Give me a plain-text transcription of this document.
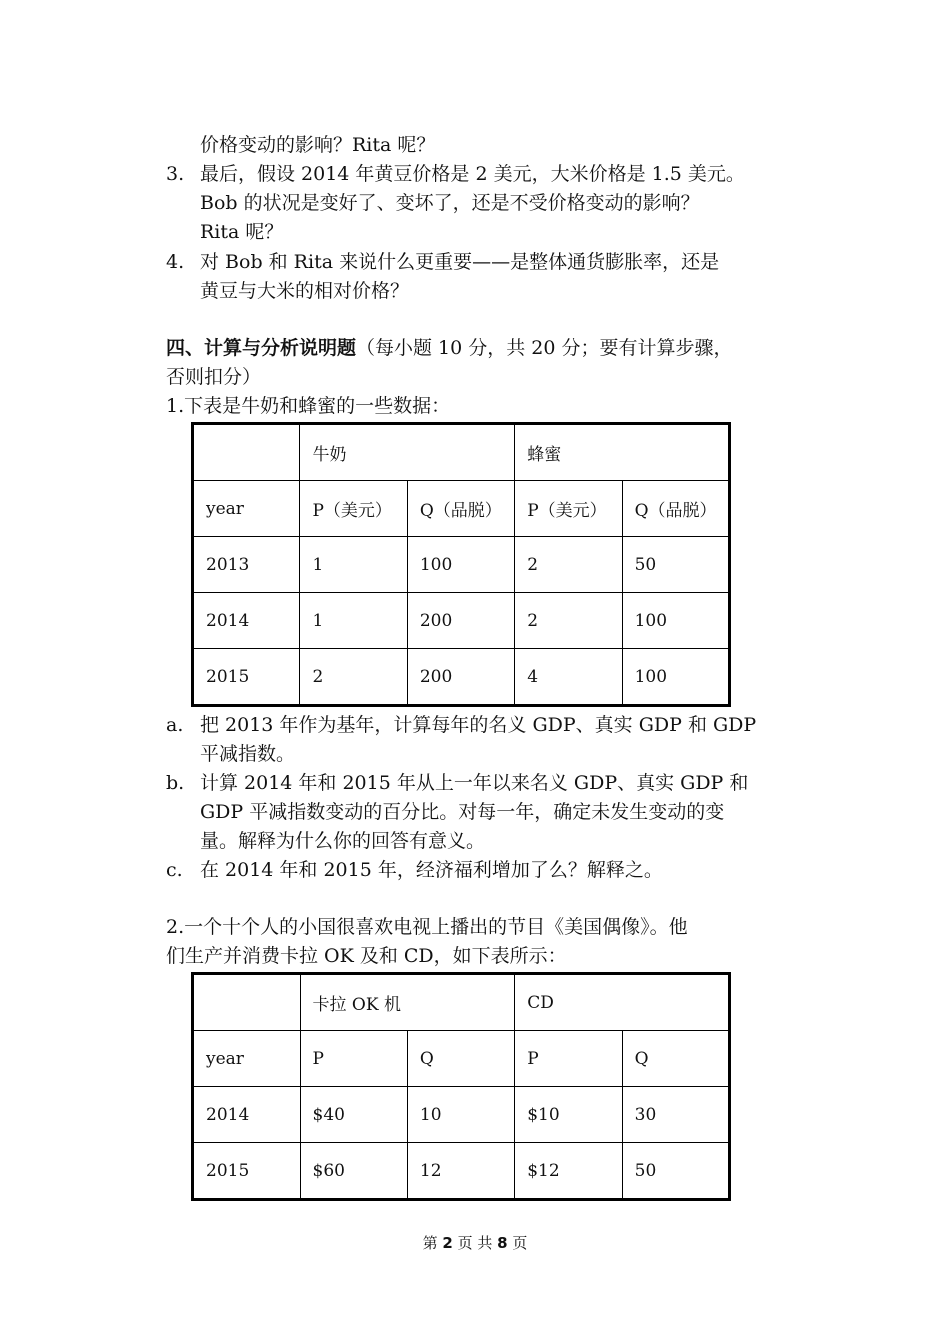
价格变动的影响？Rita 呢？
3. 最后，假设 2014 年黄豆价格是 2 美元，大米价格是 1.5 美元。
Bob 的状况是变好了、变坏了，还是不受价格变动的影响？
Rita 呢？
4. 对 Bob 和 Rita 来说什么更重要——是整体通货膨胀率，还是
黄豆与大米的相对价格？
四、计算与分析说明题（每小题 10 分，共 20 分；要有计算步骤，
否则扣分）
1.下表是牛奶和蜂蜜的一些数据：
	牛奶		蜂蜜	
year	P（美元）	Q（品脱）	P（美元）	Q（品脱）
2013	1	100	2	50
2014	1	200	2	100
2015	2	200	4	100
a. 把 2013 年作为基年，计算每年的名义 GDP、真实 GDP 和 GDP
平减指数。
b. 计算 2014 年和 2015 年从上一年以来名义 GDP、真实 GDP 和
GDP 平减指数变动的百分比。对每一年，确定未发生变动的变
量。解释为什么你的回答有意义。
c. 在 2014 年和 2015 年，经济福利增加了么？解释之。
2.一个十个人的小国很喜欢电视上播出的节目《美国偶像》。他
们生产并消费卡拉 OK 及和 CD，如下表所示：
	卡拉 OK 机		CD	
year	P	Q	P	Q
2014	$40	10	$10	30
2015	$60	12	$12	50
第 2 页 共 8 页
